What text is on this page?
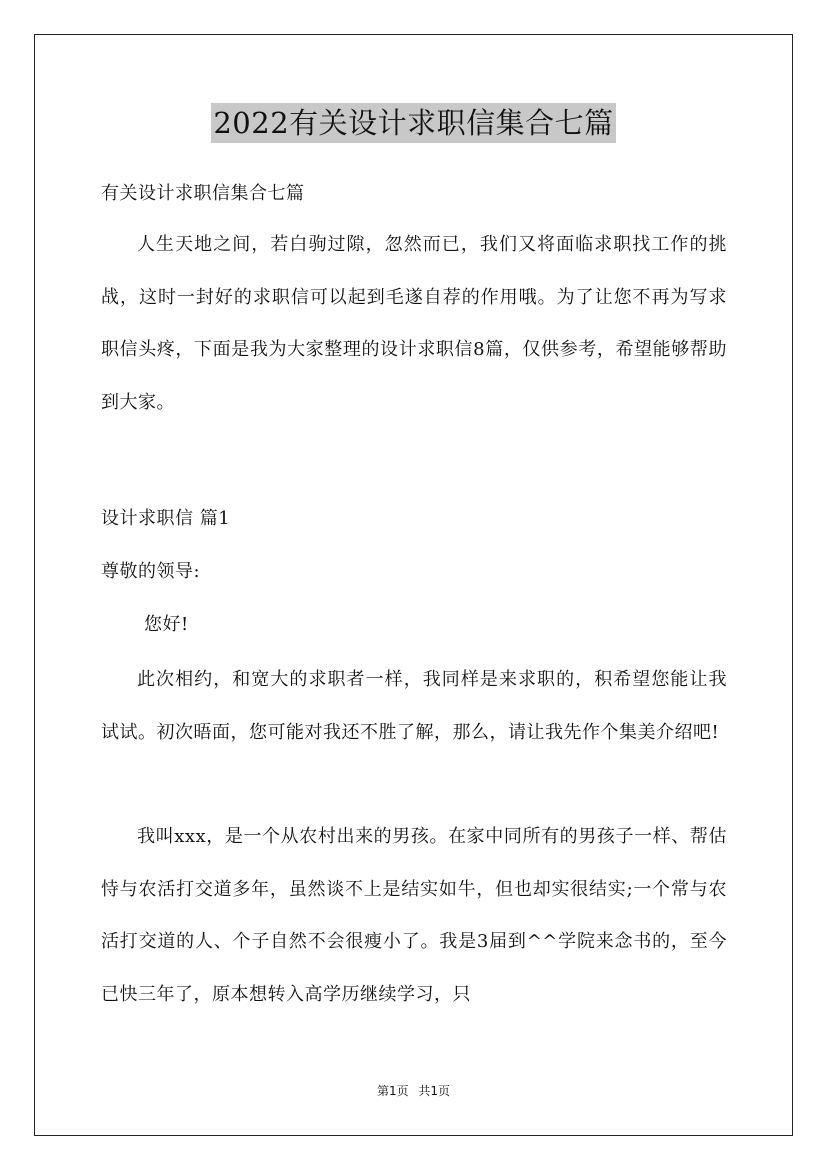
2022有关设计求职信集合七篇
有关设计求职信集合七篇

人生天地之间，若白驹过隙，忽然而已，我们又将面临求职找工作的挑战，这时一封好的求职信可以起到毛遂自荐的作用哦。为了让您不再为写求职信头疼，下面是我为大家整理的设计求职信8篇，仅供参考，希望能够帮助到大家。

设计求职信 篇1
尊敬的领导:
您好!

此次相约，和宽大的求职者一样，我同样是来求职的，积希望您能让我试试。初次晤面，您可能对我还不胜了解，那么，请让我先作个集美介绍吧!

我叫xxx，是一个从农村出来的男孩。在家中同所有的男孩子一样、帮估恃与农活打交道多年，虽然谈不上是结实如牛，但也却实很结实;一个常与农活打交道的人、个子自然不会很瘦小了。我是3届到^^学院来念书的，至今已快三年了，原本想转入高学历继续学习，只

第1页 共1页
